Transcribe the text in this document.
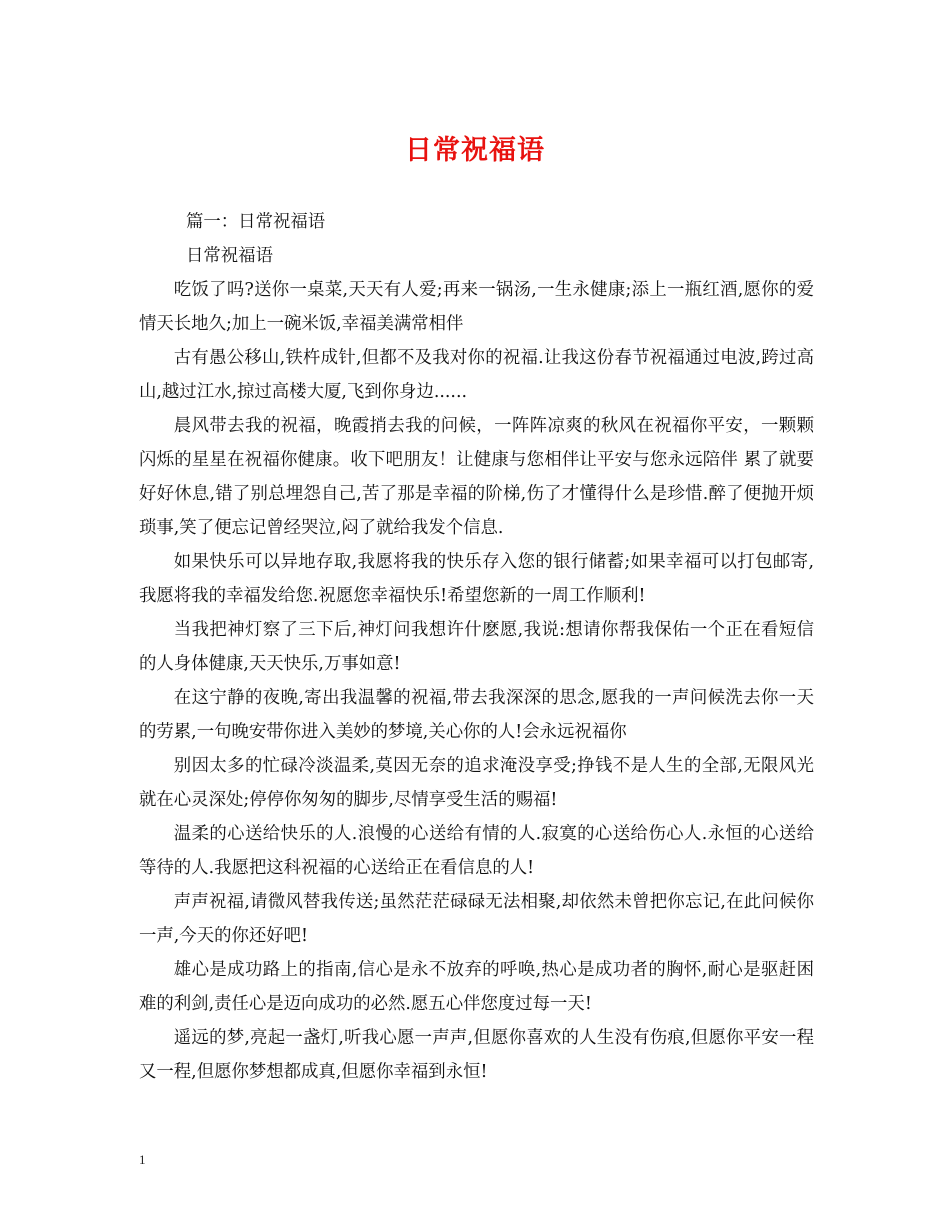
日常祝福语

篇一：日常祝福语

日常祝福语

吃饭了吗?送你一桌菜,天天有人爱;再来一锅汤,一生永健康;添上一瓶红酒,愿你的爱情天长地久;加上一碗米饭,幸福美满常相伴

古有愚公移山,铁杵成针,但都不及我对你的祝福.让我这份春节祝福通过电波,跨过高山,越过江水,掠过高楼大厦,飞到你身边......

晨风带去我的祝福，晚霞捎去我的问候，一阵阵凉爽的秋风在祝福你平安，一颗颗闪烁的星星在祝福你健康。收下吧朋友！让健康与您相伴让平安与您永远陪伴 累了就要好好休息,错了别总埋怨自己,苦了那是幸福的阶梯,伤了才懂得什么是珍惜.醉了便抛开烦琐事,笑了便忘记曾经哭泣,闷了就给我发个信息.

如果快乐可以异地存取,我愿将我的快乐存入您的银行储蓄;如果幸福可以打包邮寄,我愿将我的幸福发给您.祝愿您幸福快乐!希望您新的一周工作顺利!

当我把神灯察了三下后,神灯问我想许什麽愿,我说:想请你帮我保佑一个正在看短信的人身体健康,天天快乐,万事如意!

在这宁静的夜晚,寄出我温馨的祝福,带去我深深的思念,愿我的一声问候洗去你一天的劳累,一句晚安带你进入美妙的梦境,关心你的人!会永远祝福你

别因太多的忙碌冷淡温柔,莫因无奈的追求淹没享受;挣钱不是人生的全部,无限风光就在心灵深处;停停你匆匆的脚步,尽情享受生活的赐福!

温柔的心送给快乐的人.浪慢的心送给有情的人.寂寞的心送给伤心人.永恒的心送给等待的人.我愿把这科祝福的心送给正在看信息的人!

声声祝福,请微风替我传送;虽然茫茫碌碌无法相聚,却依然未曾把你忘记,在此问候你一声,今天的你还好吧!

雄心是成功路上的指南,信心是永不放弃的呼唤,热心是成功者的胸怀,耐心是驱赶困难的利剑,责任心是迈向成功的必然.愿五心伴您度过每一天!

遥远的梦,亮起一盏灯,听我心愿一声声,但愿你喜欢的人生没有伤痕,但愿你平安一程又一程,但愿你梦想都成真,但愿你幸福到永恒!

1
